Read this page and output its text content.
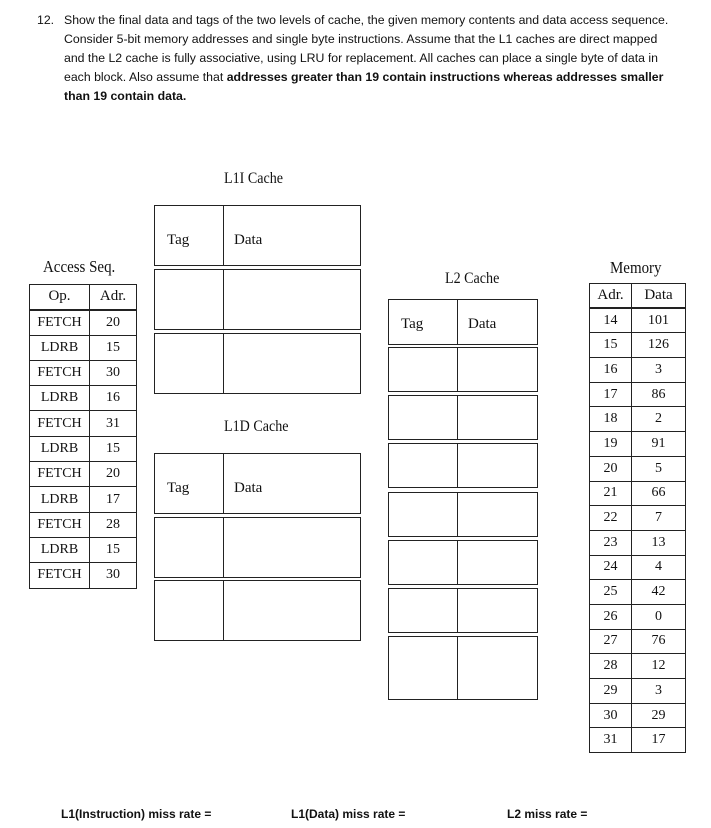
12. Show the final data and tags of the two levels of cache, the given memory contents and data access sequence. Consider 5-bit memory addresses and single byte instructions. Assume that the L1 caches are direct mapped and the L2 cache is fully associative, using LRU for replacement. All caches can place a single byte of data in each block. Also assume that addresses greater than 19 contain instructions whereas addresses smaller than 19 contain data.
L1I Cache
Tag	Data
L1D Cache
Tag	Data
L2 Cache
Tag	Data
Access Seq.
Op.	Adr.
FETCH	20
LDRB	15
FETCH	30
LDRB	16
FETCH	31
LDRB	15
FETCH	20
LDRB	17
FETCH	28
LDRB	15
FETCH	30
Memory
Adr.	Data
14	101
15	126
16	3
17	86
18	2
19	91
20	5
21	66
22	7
23	13
24	4
25	42
26	0
27	76
28	12
29	3
30	29
31	17
L1(Instruction) miss rate =	L1(Data) miss rate =	L2 miss rate =
